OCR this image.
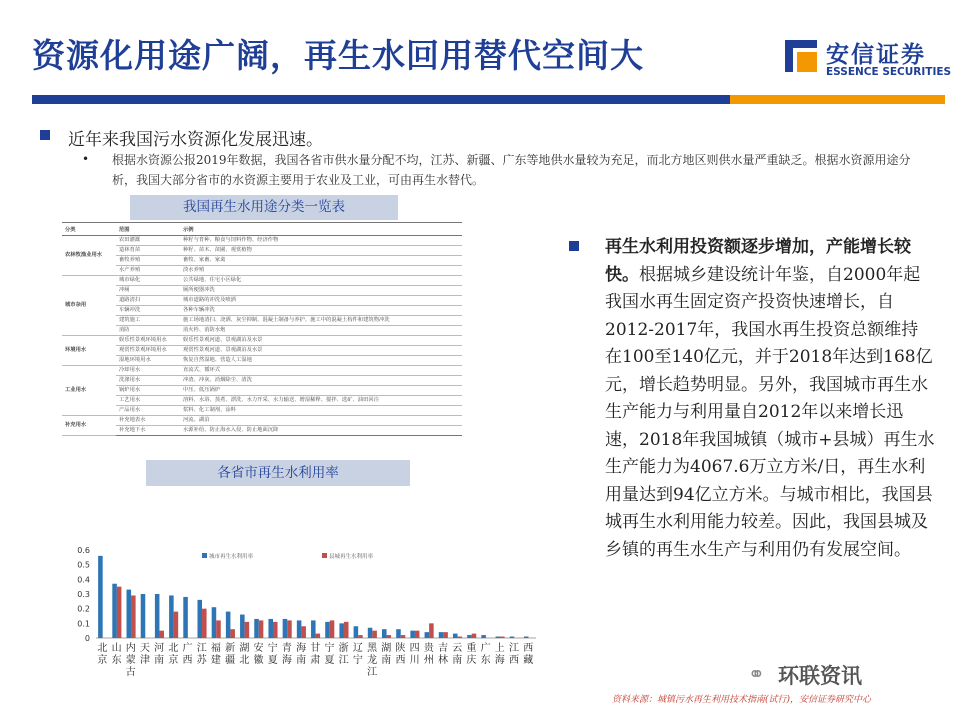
资源化用途广阔，再生水回用替代空间大	安信证券
ESSENCE SECURITIES
近年来我国污水资源化发展迅速。
• 根据水资源公报2019年数据，我国各省市供水量分配不均，江苏、新疆、广东等地供水量较为充足，而北方地区则供水量严重缺乏。根据水资源用途分析，我国大部分省市的水资源主要用于农业及工业，可由再生水替代。
我国再生水用途分类一览表
分类	范围	示例
农林牧渔业用水	农田灌溉	种籽与育种、粮食与饲料作物、经济作物
	造林育苗	种籽、苗木、苗圃、观赏植物
	畜牧养殖	畜牧、家畜、家禽
	水产养殖	淡水养殖
城市杂用	城市绿化	公共绿地、住宅小区绿化
	冲厕	厕所便器冲洗
	道路清扫	城市道路的冲洗及喷洒
	车辆冲洗	各种车辆冲洗
	建筑施工	施工场地清扫、浇洒、灰尘抑制、混凝土制备与养护、施工中的混凝土构件和建筑物冲洗
	消防	消火栓、消防水炮
环境用水	娱乐性景观环境用水	娱乐性景观河道、景观湖泊及水景
	观赏性景观环境用水	观赏性景观河道、景观湖泊及水景
	湿地环境用水	恢复自然湿地、营造人工湿地
工业用水	冷却用水	直流式、循环式
	洗涤用水	冲渣、冲灰、消烟除尘、清洗
	锅炉用水	中压、低压锅炉
	工艺用水	溶料、水浴、蒸煮、漂洗、水力开采、水力输送、增湿稀释、搅拌、选矿、油田回注
	产品用水	浆料、化工制剂、涂料
补充用水	补充地表水	河流、湖泊
	补充地下水	水源补给、防止海水入侵、防止地面沉降
各省市再生水利用率
0
0.1
0.2
0.3
0.4
0.5
0.6
城市再生水利用率	县城再生水利用率
北
京
山
东
内
蒙
古
天
津
河
南
北
京
广
西
江
苏
福
建
新
疆
湖
北
安
徽
宁
夏
青
海
海
南
甘
肃
宁
夏
浙
江
辽
宁
黑
龙
江
湖
南
陕
西
四
川
贵
州
吉
林
云
南
重
庆
广
东
上
海
江
西
西
藏
再生水利用投资额逐步增加，产能增长较快。根据城乡建设统计年鉴，自2000年起我国水再生固定资产投资快速增长，自2012-2017年，我国水再生投资总额维持在100至140亿元，并于2018年达到168亿元，增长趋势明显。另外，我国城市再生水生产能力与利用量自2012年以来增长迅速，2018年我国城镇（城市+县城）再生水生产能力为4067.6万立方米/日，再生水利用量达到94亿立方米。与城市相比，我国县城再生水利用能力较差。因此，我国县城及乡镇的再生水生产与利用仍有发展空间。
⚭ 环联资讯
资料来源：城镇污水再生利用技术指南(试行)，安信证券研究中心
